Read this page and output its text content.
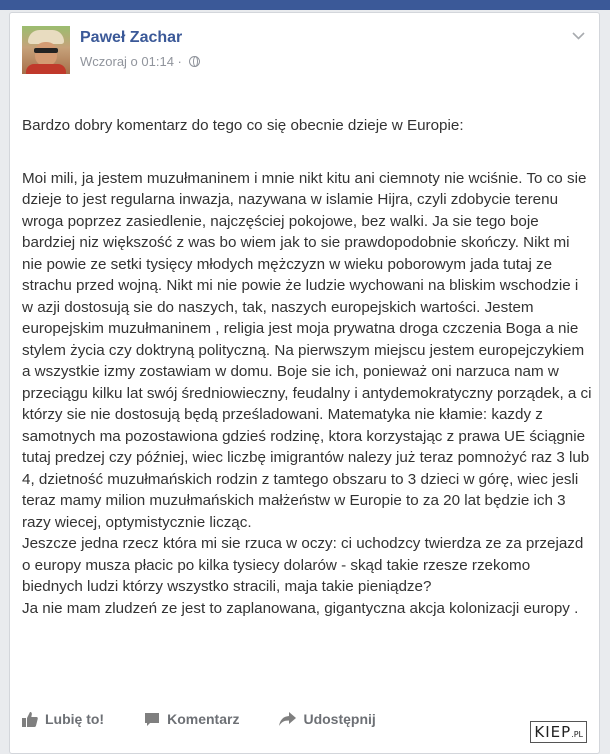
Paweł Zachar
Wczoraj o 01:14 ·

Bardzo dobry komentarz do tego co się obecnie dzieje w Europie:

Moi mili, ja jestem muzułmaninem i mnie nikt kitu ani ciemnoty nie wciśnie. To co sie dzieje to jest regularna inwazja, nazywana w islamie Hijra, czyli zdobycie terenu wroga poprzez zasiedlenie, najczęściej pokojowe, bez walki. Ja sie tego boje bardziej niz większość z was bo wiem jak to sie prawdopodobnie skończy. Nikt mi nie powie ze setki tysięcy młodych mężczyzn w wieku poborowym jada tutaj ze strachu przed wojną. Nikt mi nie powie że ludzie wychowani na bliskim wschodzie i w azji dostosują sie do naszych, tak, naszych europejskich wartości. Jestem europejskim muzułmaninem , religia jest moja prywatna droga czczenia Boga a nie stylem życia czy doktryną polityczną. Na pierwszym miejscu jestem europejczykiem a wszystkie izmy zostawiam w domu. Boje sie ich, ponieważ oni narzuca nam w przeciągu kilku lat swój średniowieczny, feudalny i antydemokratyczny porządek, a ci którzy sie nie dostosują będą prześladowani. Matematyka nie kłamie: kazdy z samotnych ma pozostawiona gdzieś rodzinę, ktora korzystając z prawa UE ściągnie tutaj predzej czy później, wiec liczbę imigrantów nalezy już teraz pomnożyć raz 3 lub 4, dzietność muzułmańskich rodzin z tamtego obszaru to 3 dzieci w górę, wiec jesli teraz mamy milion muzułmańskich małżeństw w Europie to za 20 lat będzie ich 3 razy wiecej, optymistycznie licząc.
Jeszcze jedna rzecz która mi sie rzuca w oczy: ci uchodzcy twierdza ze za przejazd o europy musza płacic po kilka tysiecy dolarów - skąd takie rzesze rzekomo biednych ludzi którzy wszystko stracili, maja takie pieniądze?
Ja nie mam zludzeń ze jest to zaplanowana, gigantyczna akcja kolonizacji europy .

Lubię to!	Komentarz	Udostępnij
KIEP.PL
